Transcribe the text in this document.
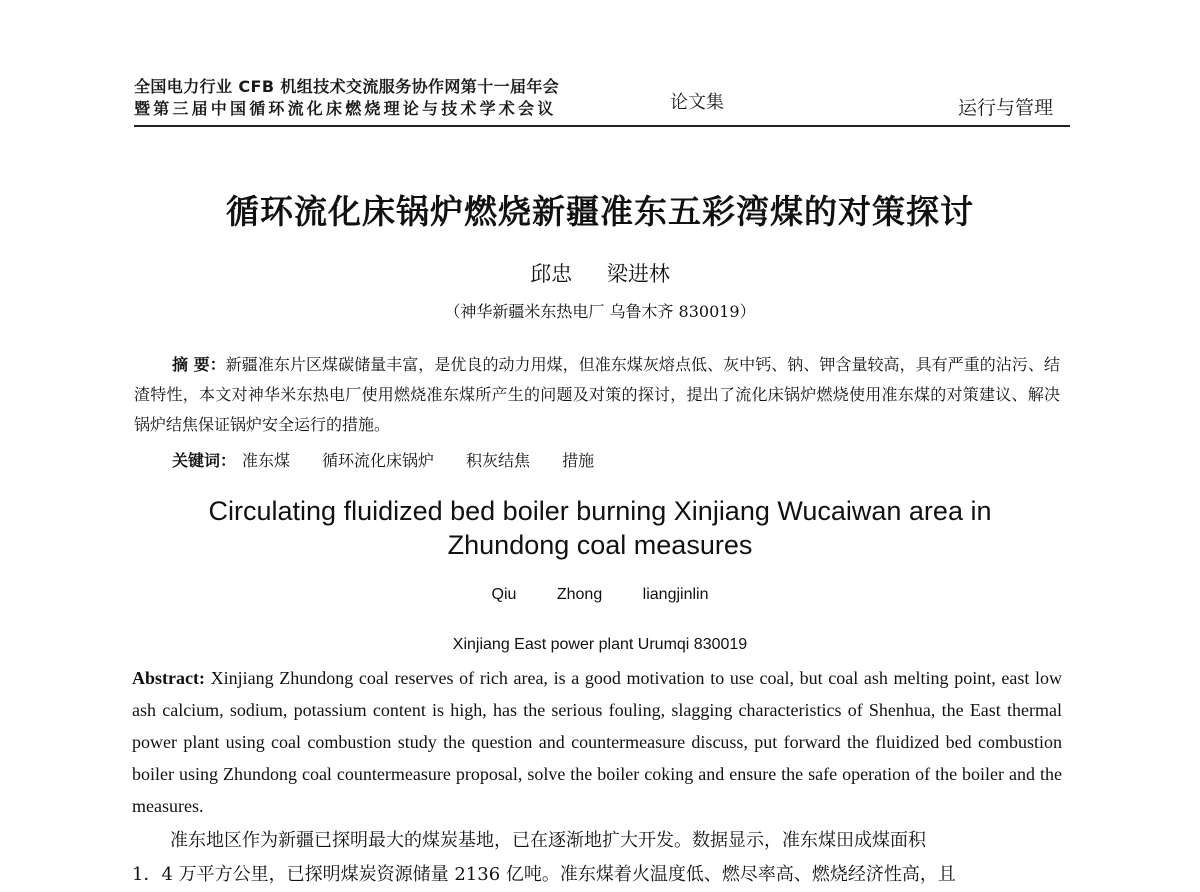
全国电力行业 CFB 机组技术交流服务协作网第十一届年会
暨第三届中国循环流化床燃烧理论与技术学术会议	论文集	运行与管理
循环流化床锅炉燃烧新疆准东五彩湾煤的对策探讨
邱忠 梁进林
（神华新疆米东热电厂 乌鲁木齐 830019）
摘 要：新疆准东片区煤碳储量丰富，是优良的动力用煤，但准东煤灰熔点低、灰中钙、钠、钾含量较高，具有严重的沾污、结渣特性，本文对神华米东热电厂使用燃烧准东煤所产生的问题及对策的探讨，提出了流化床锅炉燃烧使用准东煤的对策建议、解决锅炉结焦保证锅炉安全运行的措施。
关键词： 准东煤 循环流化床锅炉 积灰结焦 措施
Circulating fluidized bed boiler burning Xinjiang Wucaiwan area in
Zhundong coal measures
Qiu Zhong liangjinlin
Xinjiang East power plant Urumqi 830019
Abstract: Xinjiang Zhundong coal reserves of rich area, is a good motivation to use coal, but coal ash melting point, east low ash calcium, sodium, potassium content is high, has the serious fouling, slagging characteristics of Shenhua, the East thermal power plant using coal combustion study the question and countermeasure discuss, put forward the fluidized bed combustion boiler using Zhundong coal countermeasure proposal, solve the boiler coking and ensure the safe operation of the boiler and the measures.
准东地区作为新疆已探明最大的煤炭基地，已在逐渐地扩大开发。数据显示，准东煤田成煤面积
1．4 万平方公里，已探明煤炭资源储量 2136 亿吨。准东煤着火温度低、燃尽率高、燃烧经济性高，且
